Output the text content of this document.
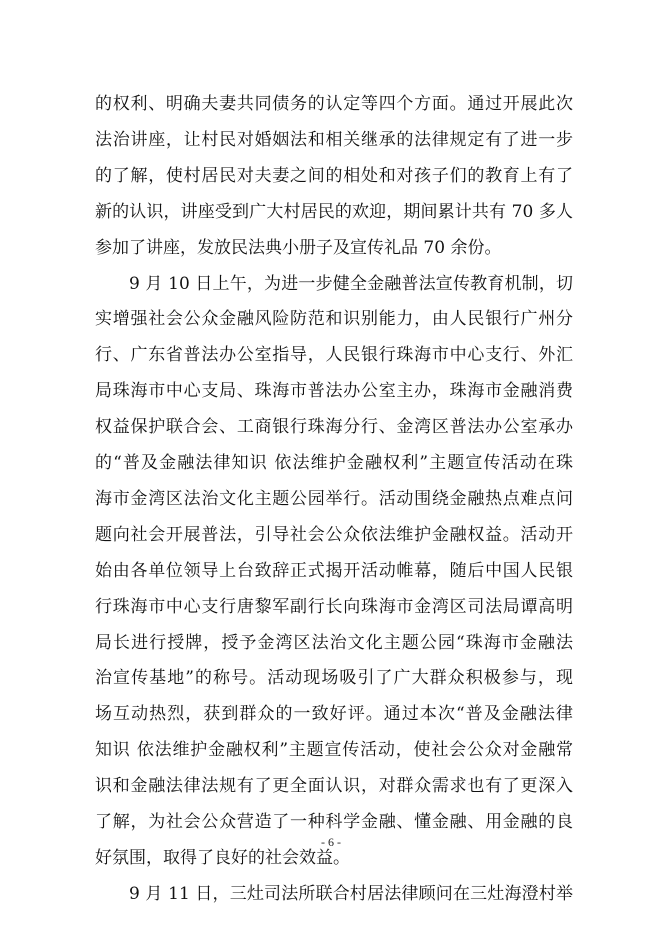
的权利、明确夫妻共同债务的认定等四个方面。通过开展此次
法治讲座，让村民对婚姻法和相关继承的法律规定有了进一步
的了解，使村居民对夫妻之间的相处和对孩子们的教育上有了
新的认识，讲座受到广大村居民的欢迎，期间累计共有 70 多人
参加了讲座，发放民法典小册子及宣传礼品 70 余份。
9 月 10 日上午，为进一步健全金融普法宣传教育机制，切
实增强社会公众金融风险防范和识别能力，由人民银行广州分
行、广东省普法办公室指导，人民银行珠海市中心支行、外汇
局珠海市中心支局、珠海市普法办公室主办，珠海市金融消费
权益保护联合会、工商银行珠海分行、金湾区普法办公室承办
的“普及金融法律知识 依法维护金融权利”主题宣传活动在珠
海市金湾区法治文化主题公园举行。活动围绕金融热点难点问
题向社会开展普法，引导社会公众依法维护金融权益。活动开
始由各单位领导上台致辞正式揭开活动帷幕，随后中国人民银
行珠海市中心支行唐黎军副行长向珠海市金湾区司法局谭高明
局长进行授牌，授予金湾区法治文化主题公园“珠海市金融法
治宣传基地”的称号。活动现场吸引了广大群众积极参与，现
场互动热烈，获到群众的一致好评。通过本次“普及金融法律
知识 依法维护金融权利”主题宣传活动，使社会公众对金融常
识和金融法律法规有了更全面认识，对群众需求也有了更深入
了解，为社会公众营造了一种科学金融、懂金融、用金融的良
好氛围，取得了良好的社会效益。
9 月 11 日，三灶司法所联合村居法律顾问在三灶海澄村举
- 6 -
